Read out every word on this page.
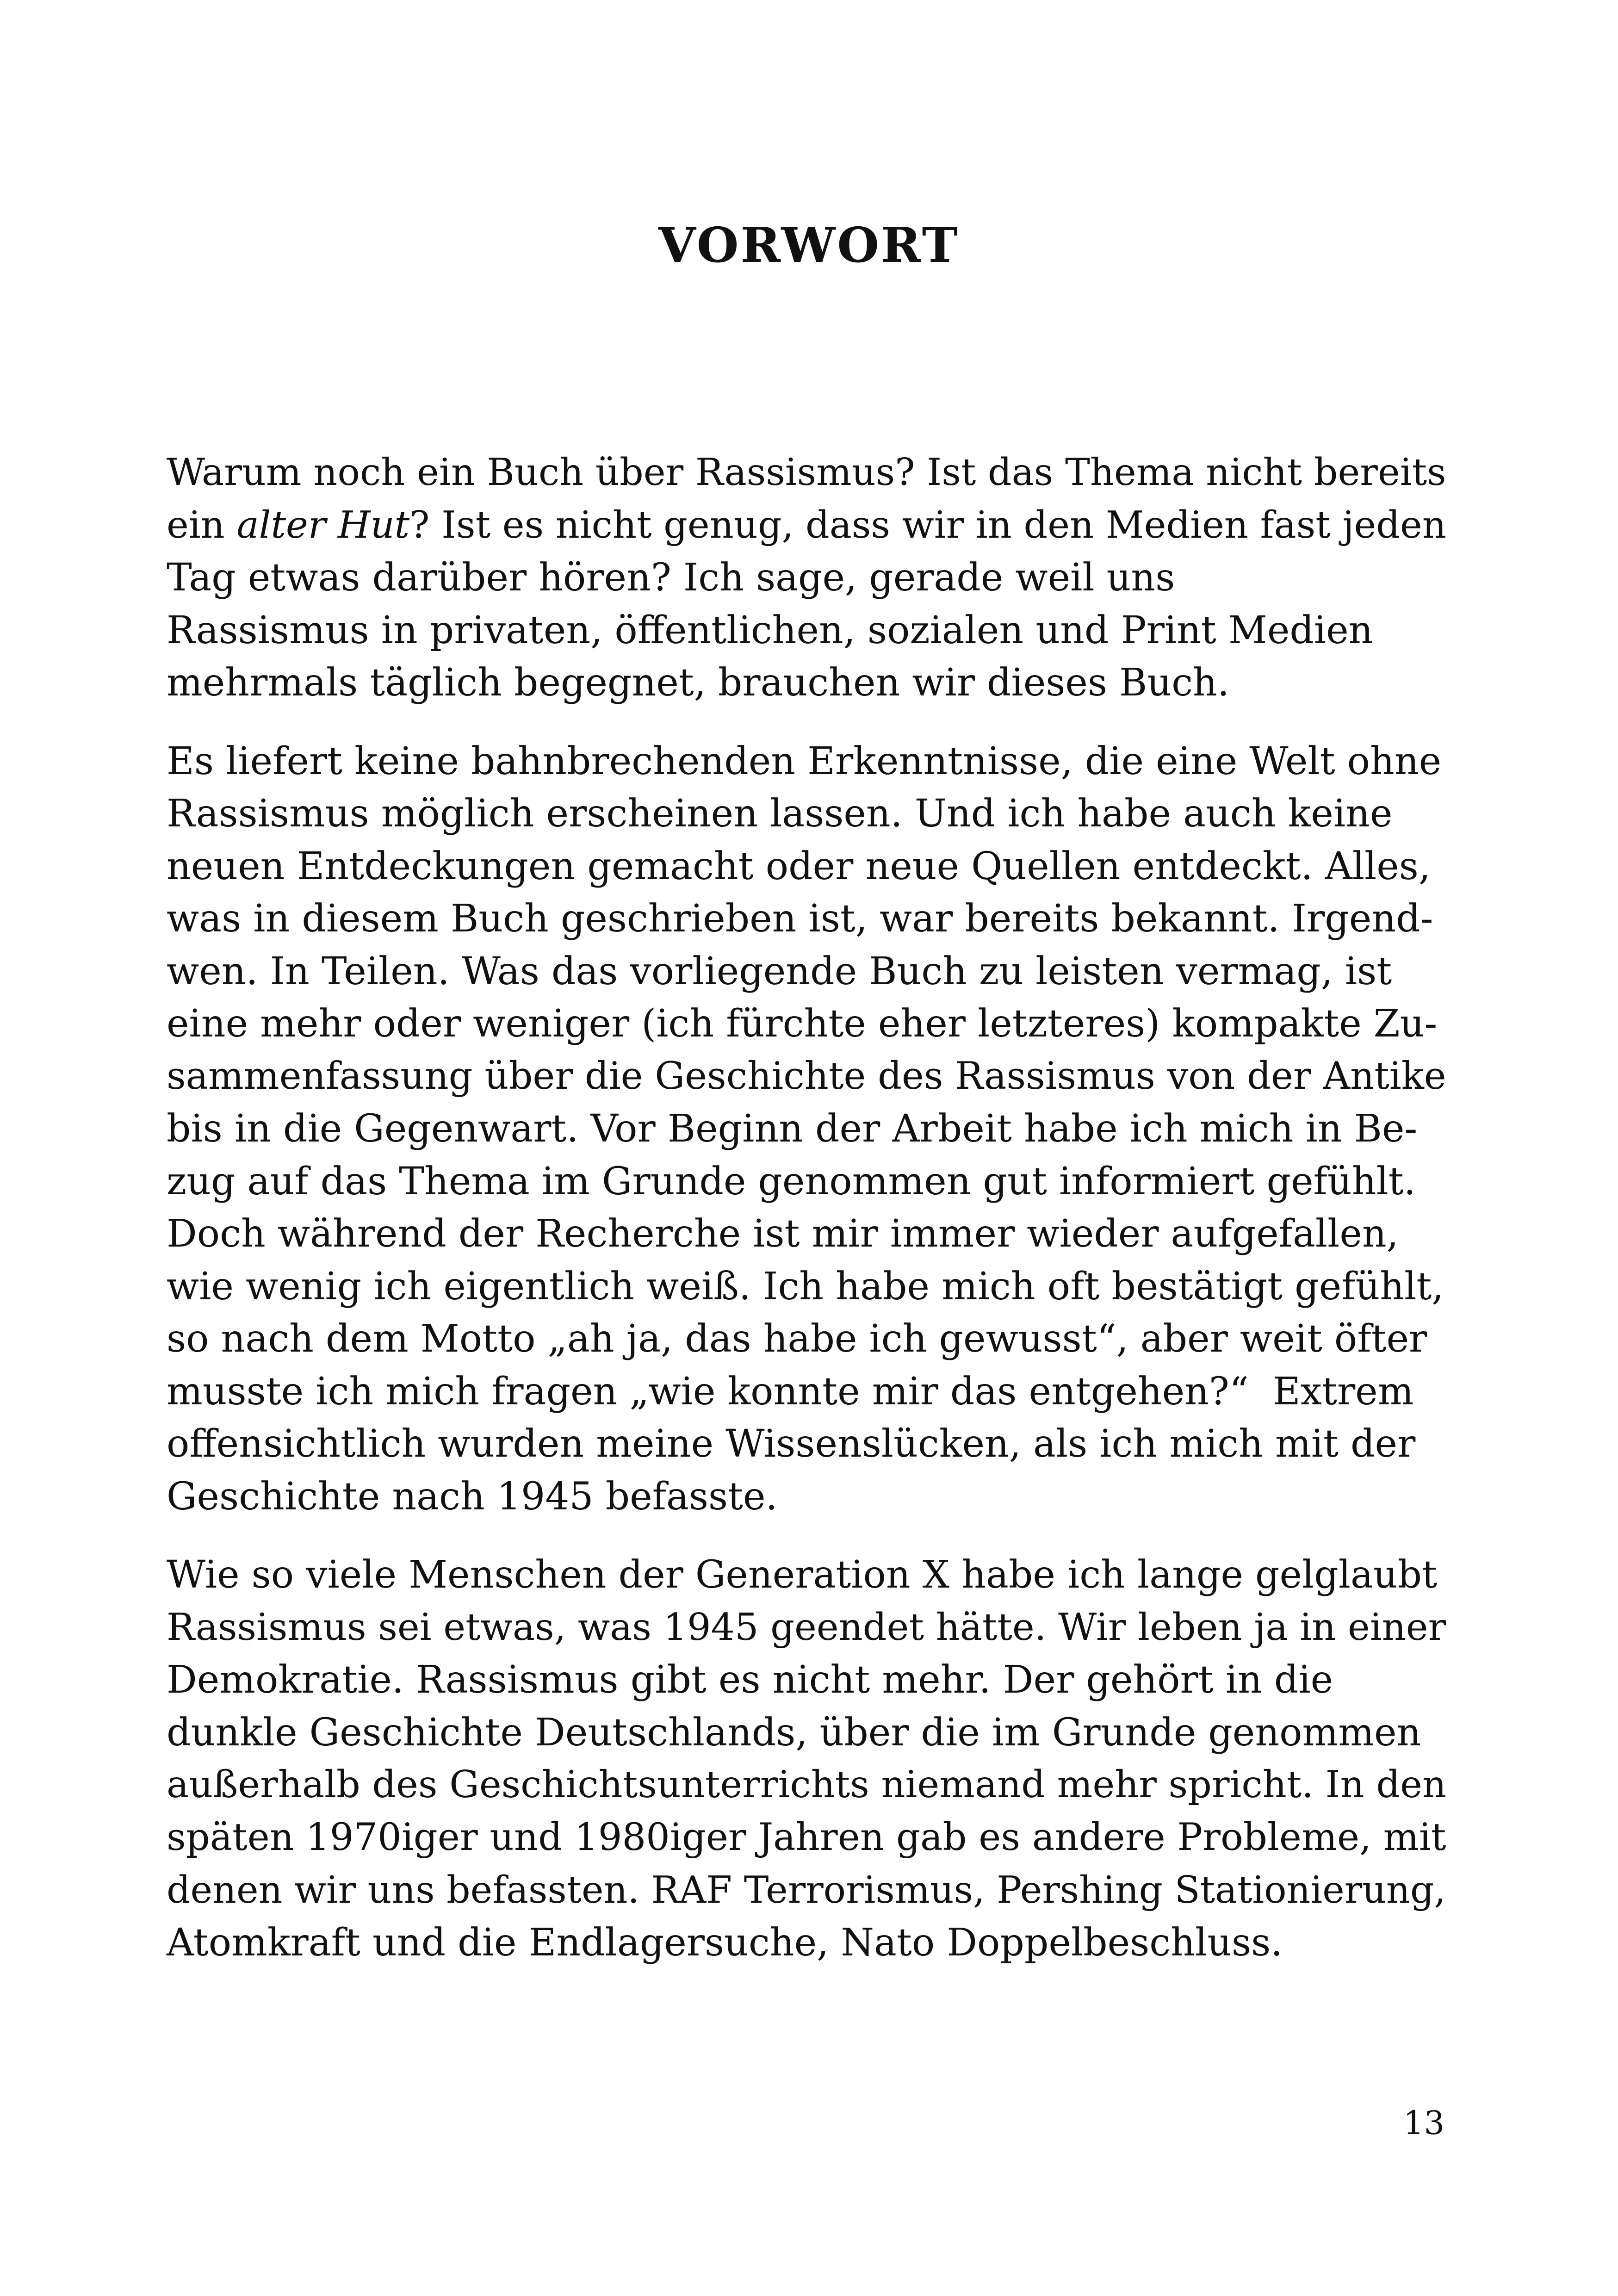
VORWORT
Warum noch ein Buch über Rassismus? Ist das Thema nicht bereits
ein alter Hut? Ist es nicht genug, dass wir in den Medien fast jeden
Tag etwas darüber hören? Ich sage, gerade weil uns
Rassismus in privaten, öffentlichen, sozialen und Print Medien
mehrmals täglich begegnet, brauchen wir dieses Buch.
Es liefert keine bahnbrechenden Erkenntnisse, die eine Welt ohne
Rassismus möglich erscheinen lassen. Und ich habe auch keine
neuen Entdeckungen gemacht oder neue Quellen entdeckt. Alles,
was in diesem Buch geschrieben ist, war bereits bekannt. Irgend-
wen. In Teilen. Was das vorliegende Buch zu leisten vermag, ist
eine mehr oder weniger (ich fürchte eher letzteres) kompakte Zu-
sammenfassung über die Geschichte des Rassismus von der Antike
bis in die Gegenwart. Vor Beginn der Arbeit habe ich mich in Be-
zug auf das Thema im Grunde genommen gut informiert gefühlt.
Doch während der Recherche ist mir immer wieder aufgefallen,
wie wenig ich eigentlich weiß. Ich habe mich oft bestätigt gefühlt,
so nach dem Motto „ah ja, das habe ich gewusst“, aber weit öfter
musste ich mich fragen „wie konnte mir das entgehen?“  Extrem
offensichtlich wurden meine Wissenslücken, als ich mich mit der
Geschichte nach 1945 befasste.
Wie so viele Menschen der Generation X habe ich lange gelglaubt
Rassismus sei etwas, was 1945 geendet hätte. Wir leben ja in einer
Demokratie. Rassismus gibt es nicht mehr. Der gehört in die
dunkle Geschichte Deutschlands, über die im Grunde genommen
außerhalb des Geschichtsunterrichts niemand mehr spricht. In den
späten 1970iger und 1980iger Jahren gab es andere Probleme, mit
denen wir uns befassten. RAF Terrorismus, Pershing Stationierung,
Atomkraft und die Endlagersuche, Nato Doppelbeschluss.
13
